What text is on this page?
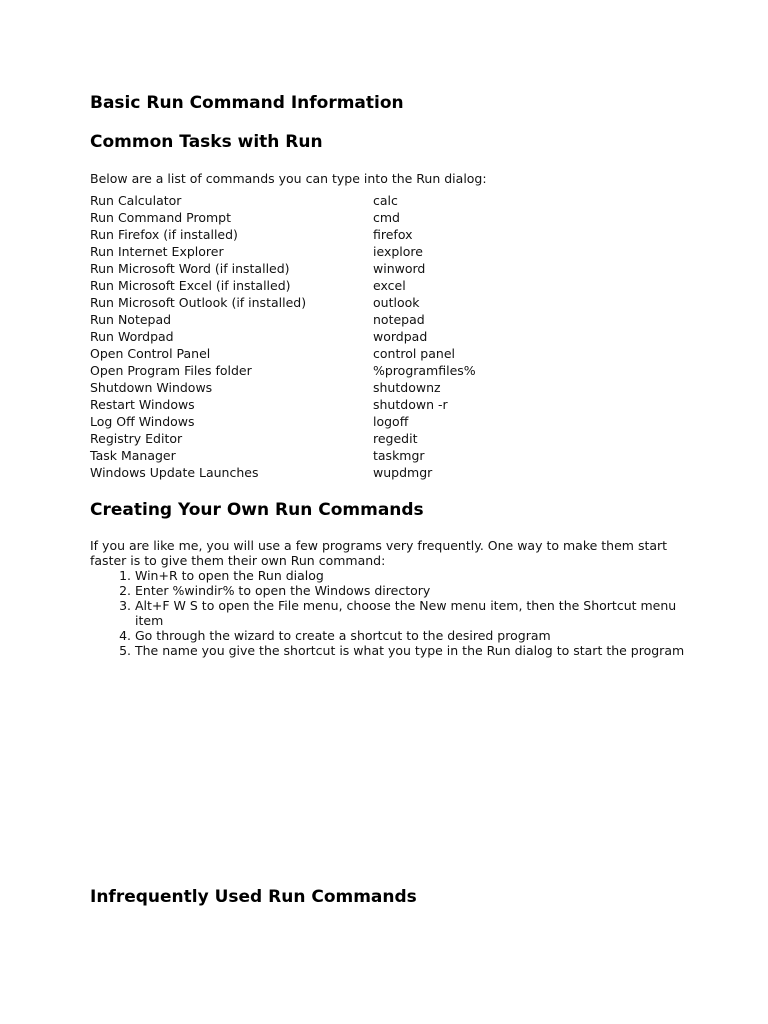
Basic Run Command Information
Common Tasks with Run

Below are a list of commands you can type into the Run dialog:

Run Calculator	calc
Run Command Prompt	cmd
Run Firefox (if installed)	firefox
Run Internet Explorer	iexplore
Run Microsoft Word (if installed)	winword
Run Microsoft Excel (if installed)	excel
Run Microsoft Outlook (if installed)	outlook
Run Notepad	notepad
Run Wordpad	wordpad
Open Control Panel	control panel
Open Program Files folder	%programfiles%
Shutdown Windows	shutdownz
Restart Windows	shutdown -r
Log Off Windows	logoff
Registry Editor	regedit
Task Manager	taskmgr
Windows Update Launches	wupdmgr
Creating Your Own Run Commands

If you are like me, you will use a few programs very frequently. One way to make them start faster is to give them their own Run command:

1. Win+R to open the Run dialog
2. Enter %windir% to open the Windows directory
3. Alt+F W S to open the File menu, choose the New menu item, then the Shortcut menu item
4. Go through the wizard to create a shortcut to the desired program
5. The name you give the shortcut is what you type in the Run dialog to start the program
Infrequently Used Run Commands
